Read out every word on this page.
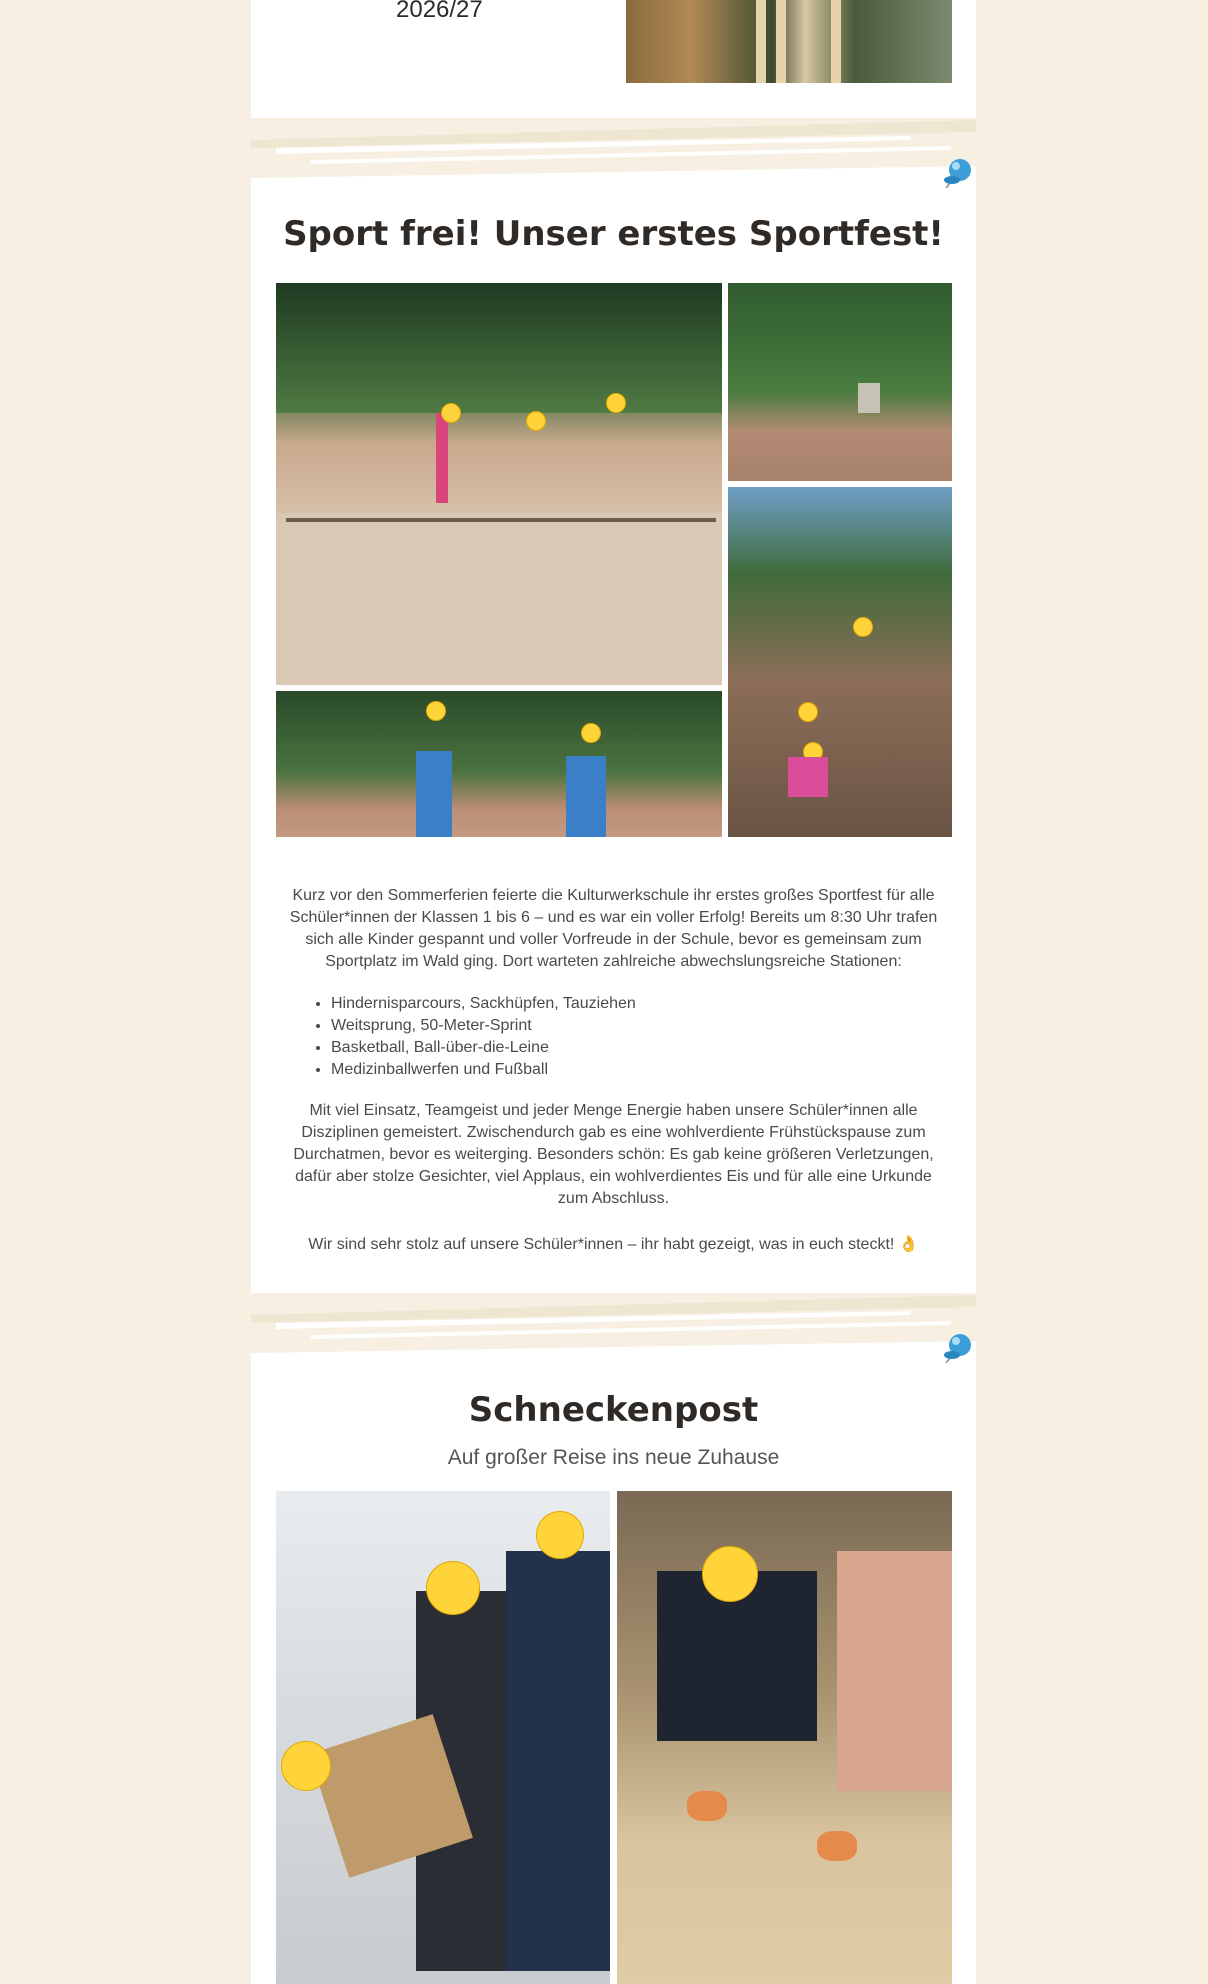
2026/27
Sport frei! Unser erstes Sportfest!
Kurz vor den Sommerferien feierte die Kulturwerkschule ihr erstes großes Sportfest für alle Schüler*innen der Klassen 1 bis 6 – und es war ein voller Erfolg! Bereits um 8:30 Uhr trafen sich alle Kinder gespannt und voller Vorfreude in der Schule, bevor es gemeinsam zum Sportplatz im Wald ging. Dort warteten zahlreiche abwechslungsreiche Stationen:
• Hindernisparcours, Sackhüpfen, Tauziehen
• Weitsprung, 50-Meter-Sprint
• Basketball, Ball-über-die-Leine
• Medizinballwerfen und Fußball
Mit viel Einsatz, Teamgeist und jeder Menge Energie haben unsere Schüler*innen alle Disziplinen gemeistert. Zwischendurch gab es eine wohlverdiente Frühstückspause zum Durchatmen, bevor es weiterging. Besonders schön: Es gab keine größeren Verletzungen, dafür aber stolze Gesichter, viel Applaus, ein wohlverdientes Eis und für alle eine Urkunde zum Abschluss.
Wir sind sehr stolz auf unsere Schüler*innen – ihr habt gezeigt, was in euch steckt! 👌
Schneckenpost
Auf großer Reise ins neue Zuhause
